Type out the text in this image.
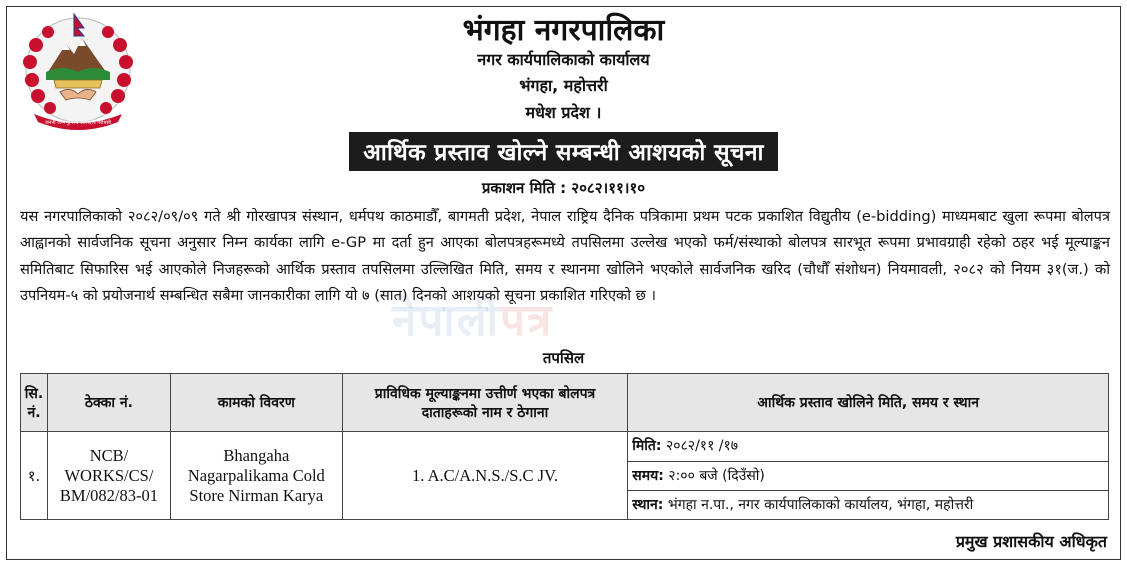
जननी जन्मभूमिश्च स्वर्गादपि गरीयसी
भंगहा नगरपालिका
नगर कार्यपालिकाको कार्यालय
भंगहा, महोत्तरी
मधेश प्रदेश ।
आर्थिक प्रस्ताव खोल्ने सम्बन्धी आशयको सूचना
प्रकाशन मिति : २०८२।११।१०
नेपालीपत्र
यस नगरपालिकाको २०८२/०९/०९ गते श्री गोरखापत्र संस्थान, धर्मपथ काठमाडौँ, बागमती प्रदेश, नेपाल राष्ट्रिय दैनिक पत्रिकामा प्रथम पटक प्रकाशित विद्युतीय (e-bidding) माध्यमबाट खुला रूपमा बोलपत्र आह्वानको सार्वजनिक सूचना अनुसार निम्न कार्यका लागि e-GP मा दर्ता हुन आएका बोलपत्रहरूमध्ये तपसिलमा उल्लेख भएको फर्म/संस्थाको बोलपत्र सारभूत रूपमा प्रभावग्राही रहेको ठहर भई मूल्याङ्कन समितिबाट सिफारिस भई आएकोले निजहरूको आर्थिक प्रस्ताव तपसिलमा उल्लिखित मिति, समय र स्थानमा खोलिने भएकोले सार्वजनिक खरिद (चौधौँ संशोधन) नियमावली, २०८२ को नियम ३१(ज.) को उपनियम-५ को प्रयोजनार्थ सम्बन्धित सबैमा जानकारीका लागि यो ७ (सात) दिनको आशयको सूचना प्रकाशित गरिएको छ ।
तपसिल
सि. नं.	ठेक्का नं.	कामको विवरण	प्राविधिक मूल्याङ्कनमा उत्तीर्ण भएका बोलपत्र दाताहरूको नाम र ठेगाना	आर्थिक प्रस्ताव खोलिने मिति, समय र स्थान
१.	NCB/ WORKS/CS/ BM/082/83-01	Bhangaha Nagarpalikama Cold Store Nirman Karya	1. A.C/A.N.S./S.C JV.	मिति: २०८२/११ /१७
समय: २:०० बजे (दिउँसो)
स्थान: भंगहा न.पा., नगर कार्यपालिकाको कार्यालय, भंगहा, महोत्तरी
प्रमुख प्रशासकीय अधिकृत
